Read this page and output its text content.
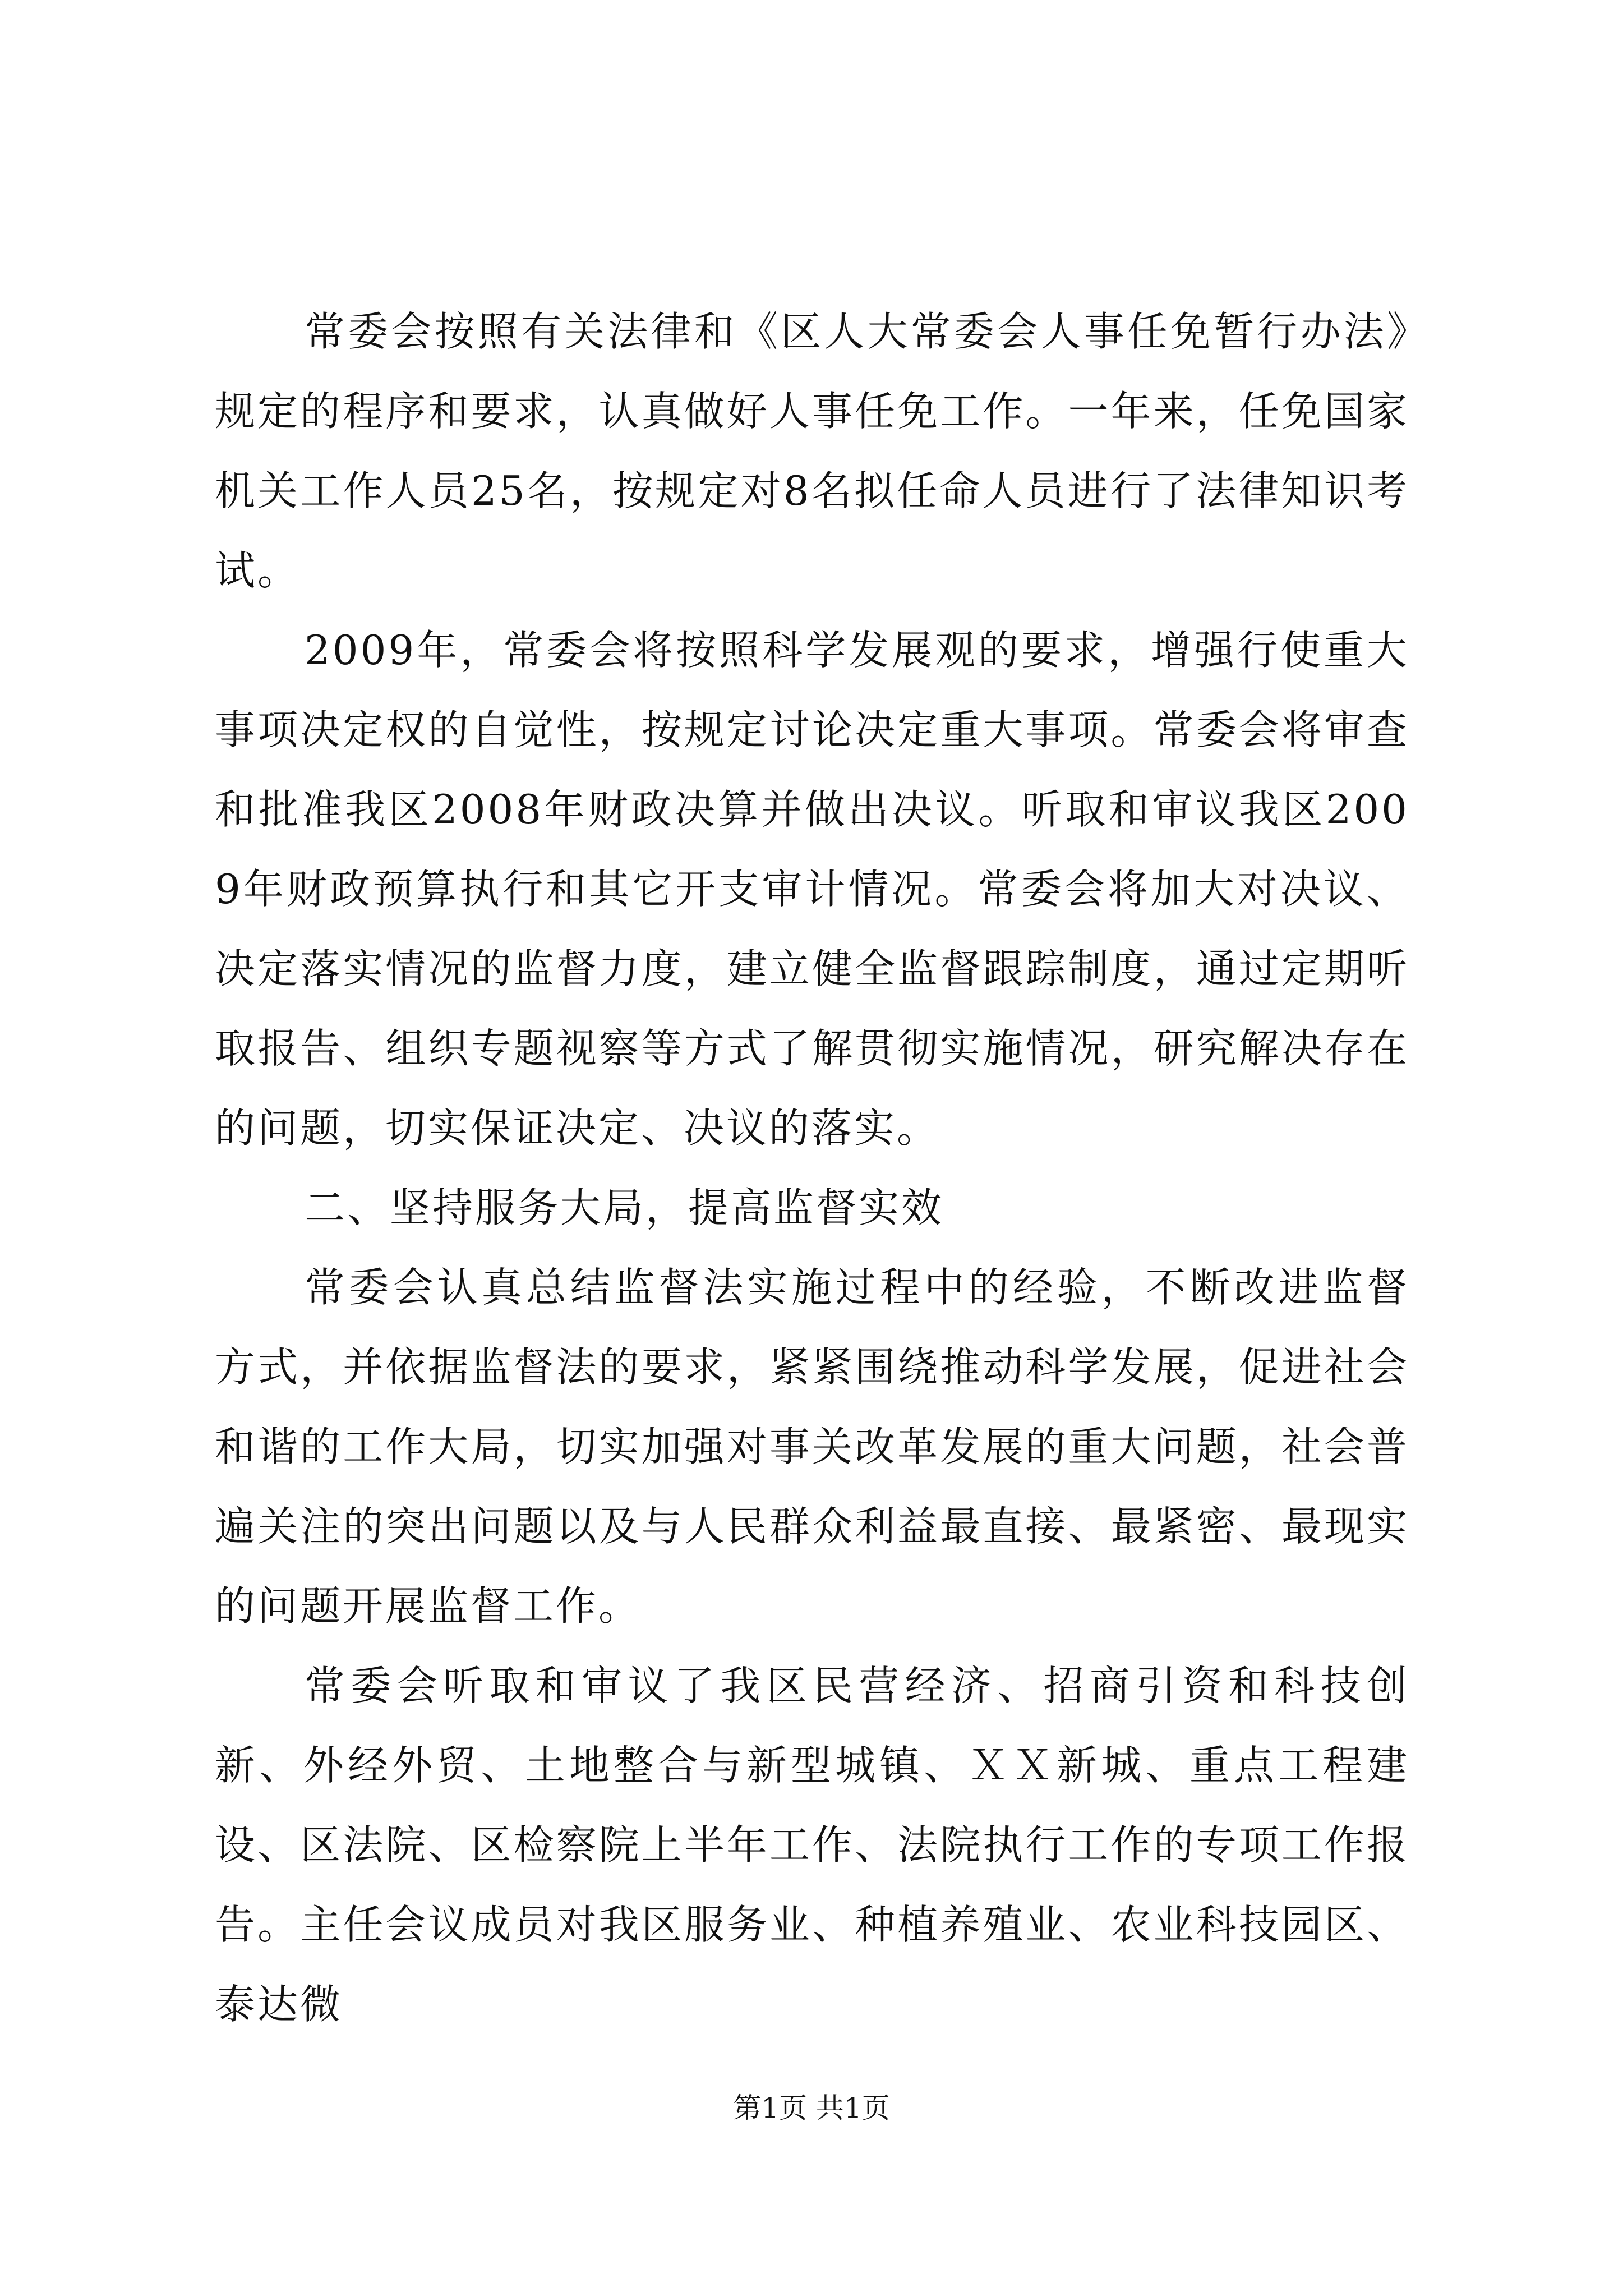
常委会按照有关法律和《区人大常委会人事任免暂行办法》规定的程序和要求，认真做好人事任免工作。一年来，任免国家机关工作人员25名，按规定对8名拟任命人员进行了法律知识考试。

2009年，常委会将按照科学发展观的要求，增强行使重大事项决定权的自觉性，按规定讨论决定重大事项。常委会将审查和批准我区2008年财政决算并做出决议。听取和审议我区2009年财政预算执行和其它开支审计情况。常委会将加大对决议、决定落实情况的监督力度，建立健全监督跟踪制度，通过定期听取报告、组织专题视察等方式了解贯彻实施情况，研究解决存在的问题，切实保证决定、决议的落实。

二、坚持服务大局，提高监督实效

常委会认真总结监督法实施过程中的经验，不断改进监督方式，并依据监督法的要求，紧紧围绕推动科学发展，促进社会和谐的工作大局，切实加强对事关改革发展的重大问题，社会普遍关注的突出问题以及与人民群众利益最直接、最紧密、最现实的问题开展监督工作。

常委会听取和审议了我区民营经济、招商引资和科技创新、外经外贸、土地整合与新型城镇、ＸＸ新城、重点工程建设、区法院、区检察院上半年工作、法院执行工作的专项工作报告。主任会议成员对我区服务业、种植养殖业、农业科技园区、泰达微

第1页 共1页
